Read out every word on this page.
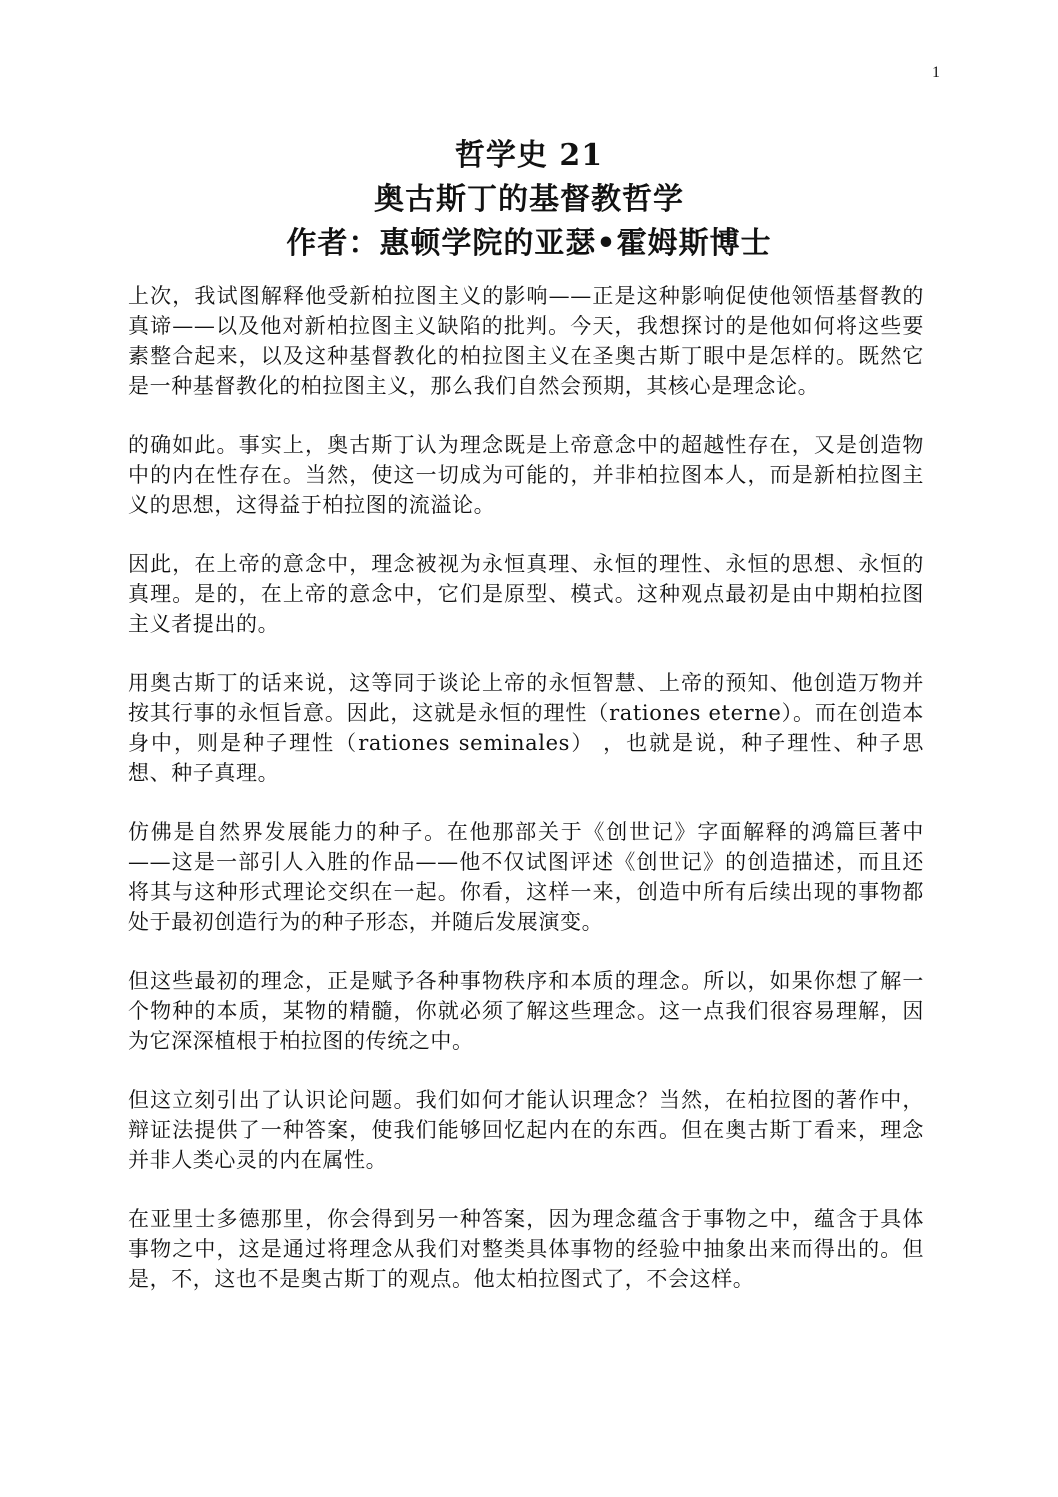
1
哲学史 21
奥古斯丁的基督教哲学
作者：惠顿学院的亚瑟•霍姆斯博士

上次，我试图解释他受新柏拉图主义的影响——正是这种影响促使他领悟基督教的真谛——以及他对新柏拉图主义缺陷的批判。今天，我想探讨的是他如何将这些要素整合起来，以及这种基督教化的柏拉图主义在圣奥古斯丁眼中是怎样的。既然它是一种基督教化的柏拉图主义，那么我们自然会预期，其核心是理念论。

的确如此。事实上，奥古斯丁认为理念既是上帝意念中的超越性存在，又是创造物中的内在性存在。当然，使这一切成为可能的，并非柏拉图本人，而是新柏拉图主义的思想，这得益于柏拉图的流溢论。

因此，在上帝的意念中，理念被视为永恒真理、永恒的理性、永恒的思想、永恒的真理。是的，在上帝的意念中，它们是原型、模式。这种观点最初是由中期柏拉图主义者提出的。

用奥古斯丁的话来说，这等同于谈论上帝的永恒智慧、上帝的预知、他创造万物并按其行事的永恒旨意。因此，这就是永恒的理性（rationes eterne）。而在创造本身中，则是种子理性（rationes seminales） ，也就是说，种子理性、种子思想、种子真理。

仿佛是自然界发展能力的种子。在他那部关于《创世记》字面解释的鸿篇巨著中——这是一部引人入胜的作品——他不仅试图评述《创世记》的创造描述，而且还将其与这种形式理论交织在一起。你看，这样一来，创造中所有后续出现的事物都处于最初创造行为的种子形态，并随后发展演变。

但这些最初的理念，正是赋予各种事物秩序和本质的理念。所以，如果你想了解一个物种的本质，某物的精髓，你就必须了解这些理念。这一点我们很容易理解，因为它深深植根于柏拉图的传统之中。

但这立刻引出了认识论问题。我们如何才能认识理念？当然，在柏拉图的著作中，辩证法提供了一种答案，使我们能够回忆起内在的东西。但在奥古斯丁看来，理念并非人类心灵的内在属性。

在亚里士多德那里，你会得到另一种答案，因为理念蕴含于事物之中，蕴含于具体事物之中，这是通过将理念从我们对整类具体事物的经验中抽象出来而得出的。但是，不，这也不是奥古斯丁的观点。他太柏拉图式了，不会这样。
